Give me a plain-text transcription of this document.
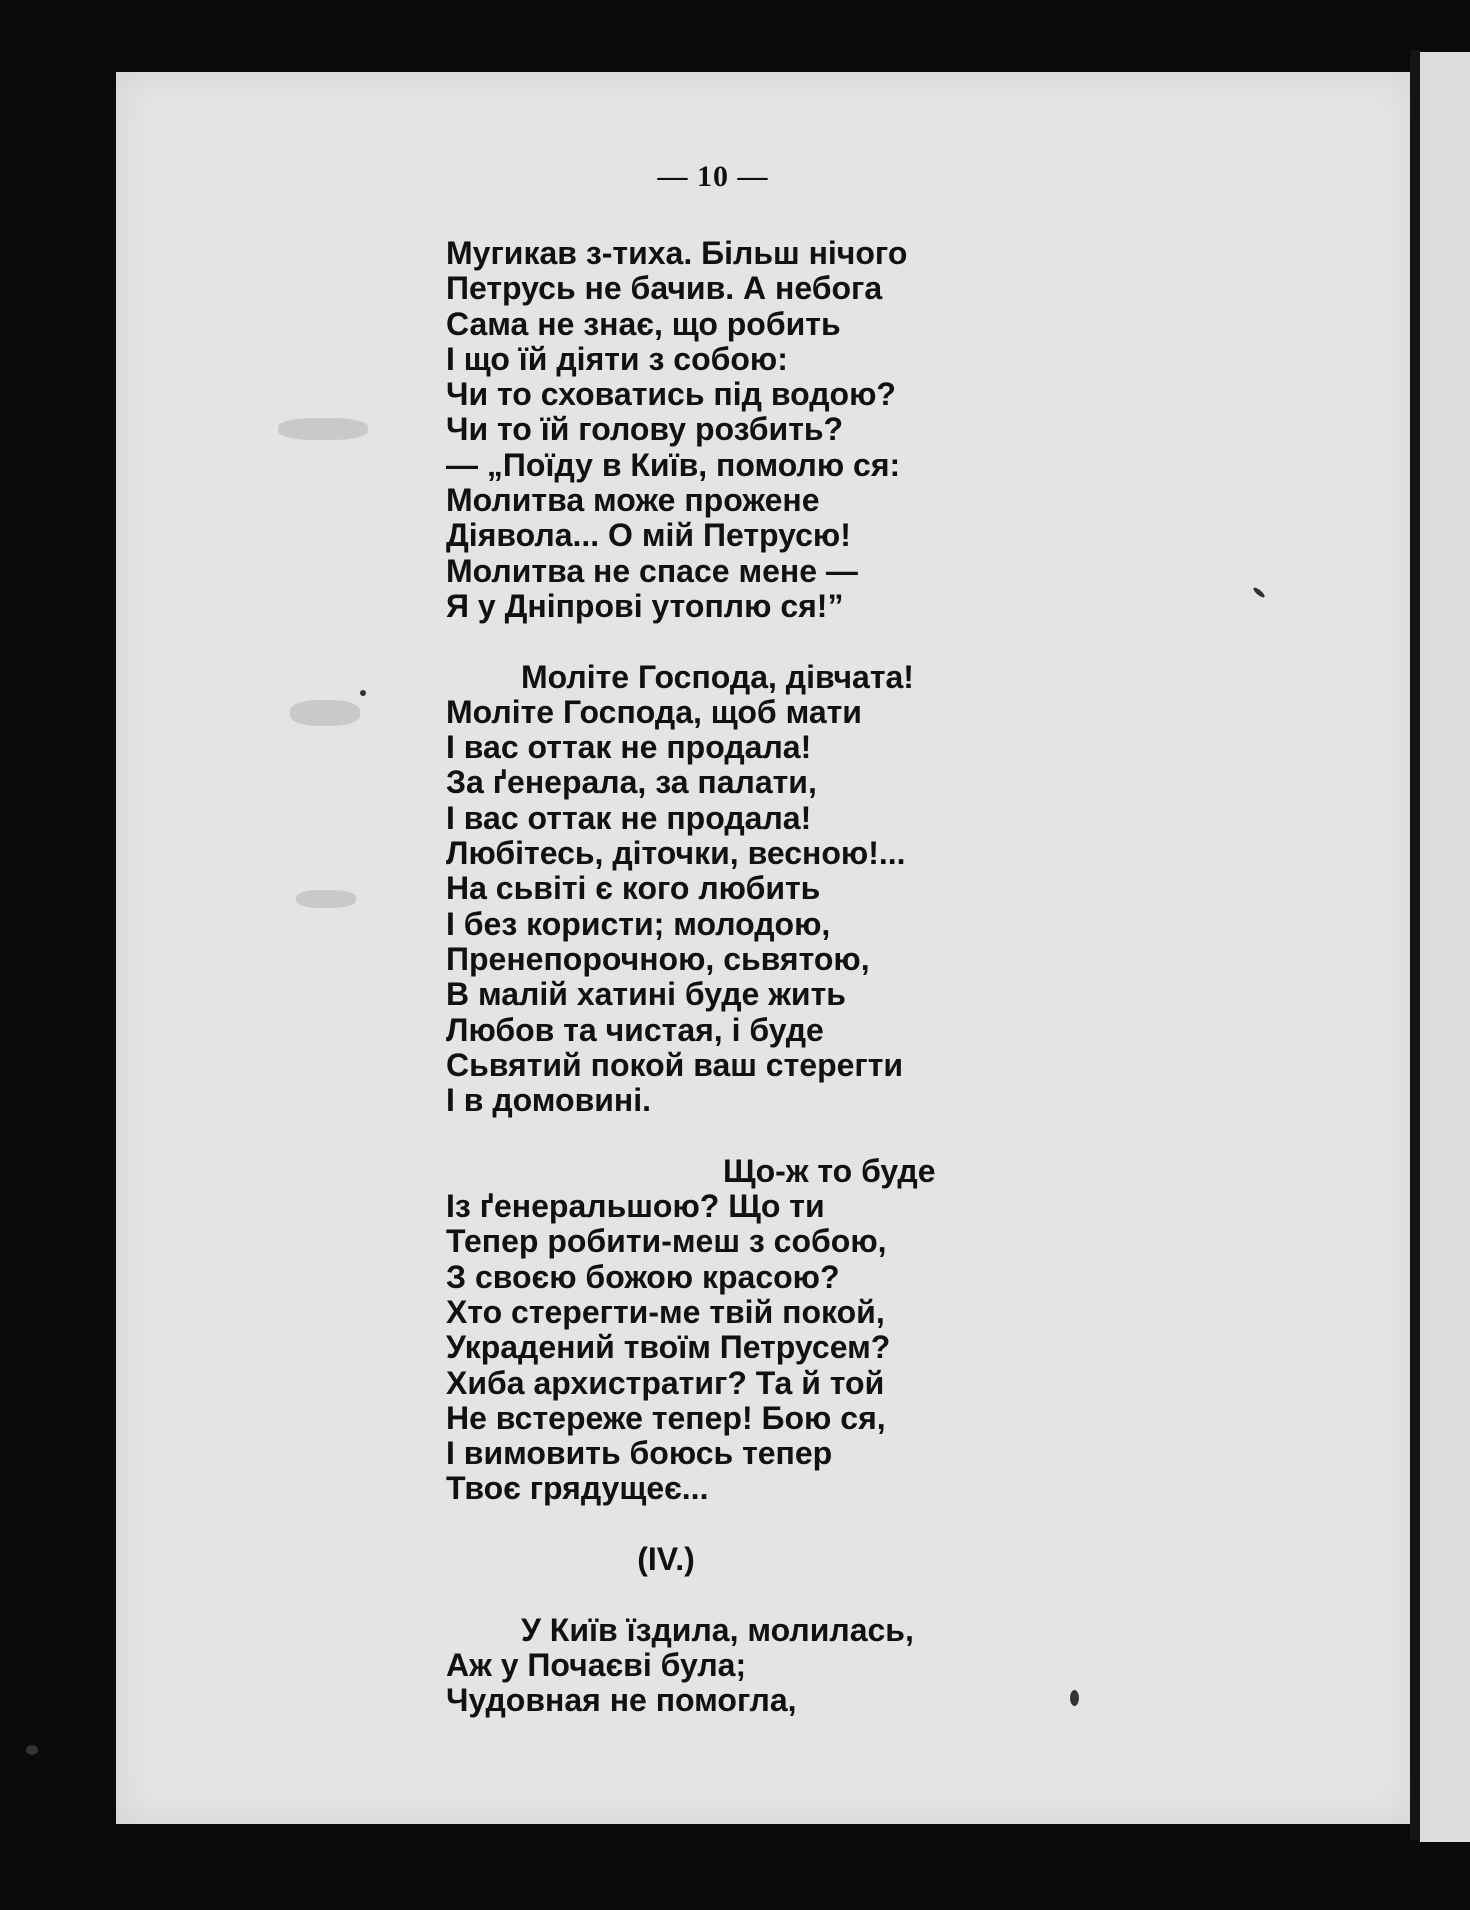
— 10 —
Мугикав з-тиха. Більш нічого
Петрусь не бачив. А небога
Сама не знає, що робить
І що їй діяти з собою:
Чи то сховатись під водою?
Чи то їй голову розбить?
— „Поїду в Київ, помолю ся:
Молитва може прожене
Діявола... О мій Петрусю!
Молитва не спасе мене —
Я у Дніпрові утоплю ся!”
Моліте Господа, дівчата!
Моліте Господа, щоб мати
І вас оттак не продала!
За ґенерала, за палати,
І вас оттак не продала!
Любітесь, діточки, весною!...
На сьвіті є кого любить
І без користи; молодою,
Пренепорочною, сьвятою,
В малій хатині буде жить
Любов та чистая, і буде
Сьвятий покой ваш стерегти
І в домовині.
Що-ж то буде
Із ґенеральшою? Що ти
Тепер робити-меш з собою,
З своєю божою красою?
Хто стерегти-ме твій покой,
Украдений твоїм Петрусем?
Хиба архистратиг? Та й той
Не встереже тепер! Бою ся,
І вимовить боюсь тепер
Твоє грядущеє...
(IV.)
У Київ їздила, молилась,
Аж у Почаєві була;
Чудовная не помогла,
